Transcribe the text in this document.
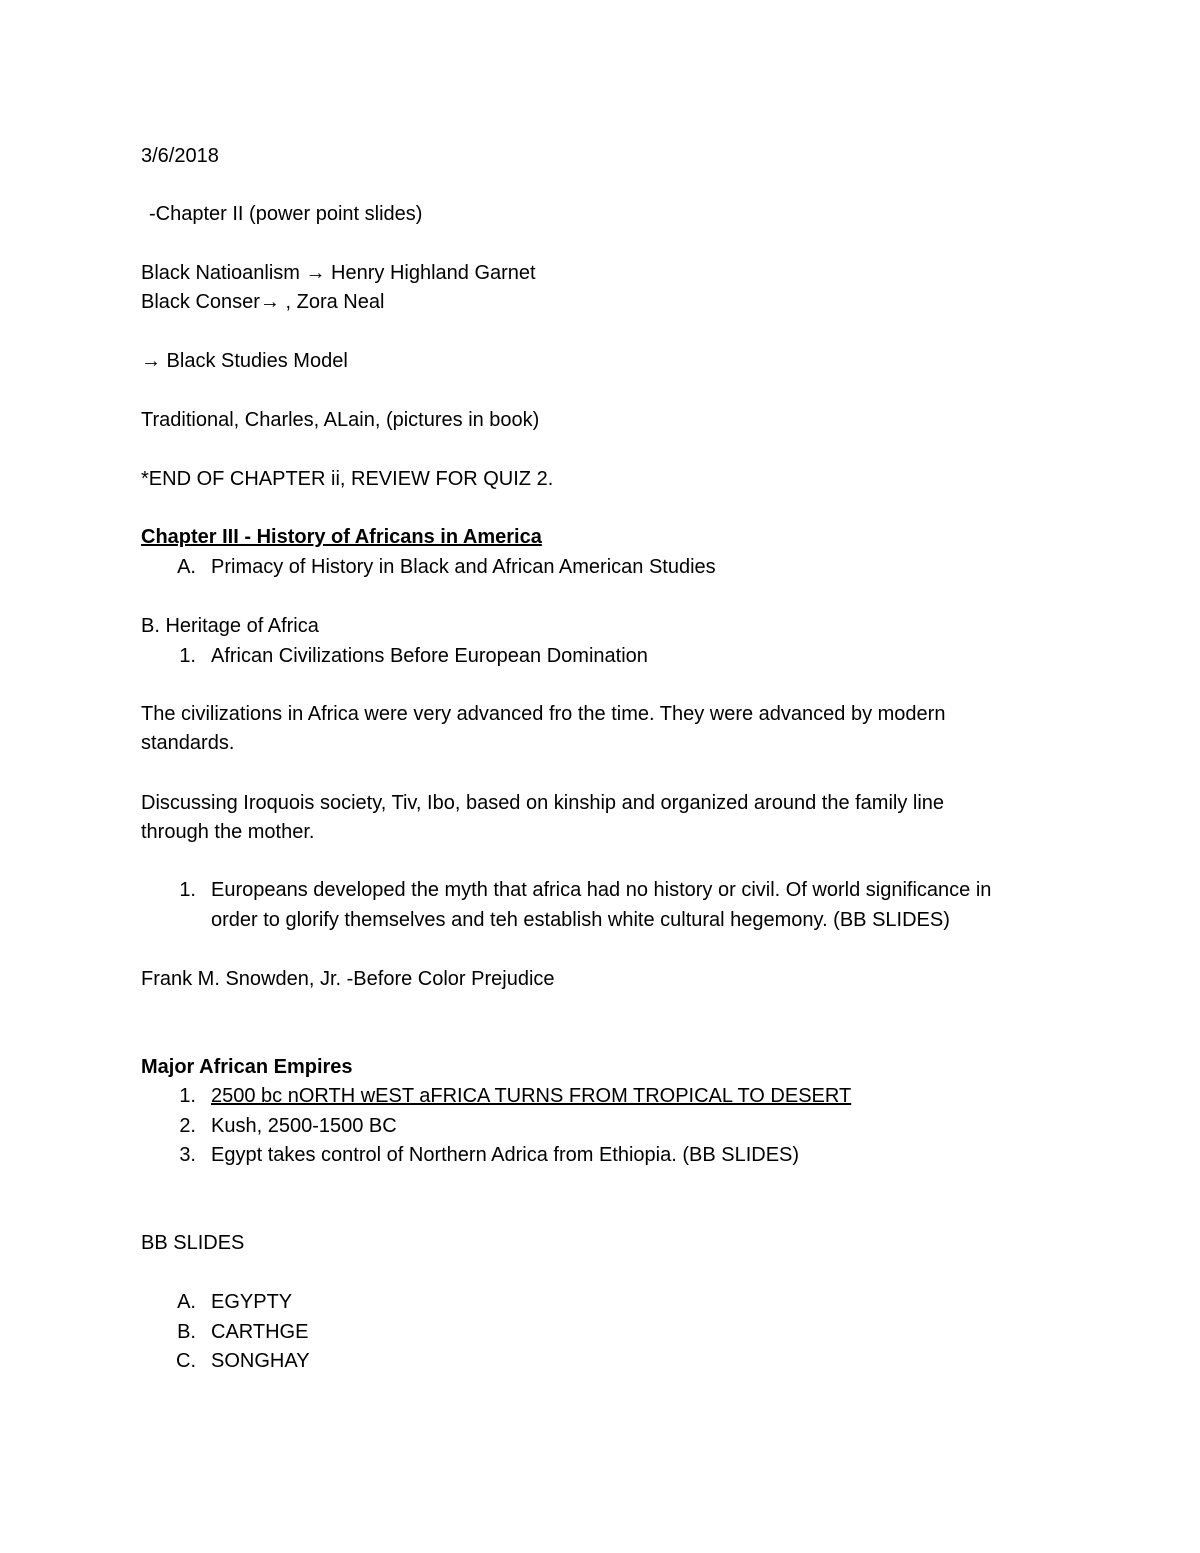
3/6/2018
-Chapter II (power point slides)
Black Natioanlism → Henry Highland Garnet
Black Conser→ , Zora Neal
→ Black Studies Model
Traditional, Charles, ALain, (pictures in book)
*END OF CHAPTER ii, REVIEW FOR QUIZ 2.
Chapter III - History of Africans in America
A. Primacy of History in Black and African American Studies
B. Heritage of Africa
1. African Civilizations Before European Domination
The civilizations in Africa were very advanced fro the time. They were advanced by modern
standards.
Discussing Iroquois society, Tiv, Ibo, based on kinship and organized around the family line
through the mother.
1. Europeans developed the myth that africa had no history or civil. Of world significance in
order to glorify themselves and teh establish white cultural hegemony. (BB SLIDES)
Frank M. Snowden, Jr. -Before Color Prejudice
Major African Empires
1. 2500 bc nORTH wEST aFRICA TURNS FROM TROPICAL TO DESERT
2. Kush, 2500-1500 BC
3. Egypt takes control of Northern Adrica from Ethiopia. (BB SLIDES)
BB SLIDES
A. EGYPTY
B. CARTHGE
C. SONGHAY
